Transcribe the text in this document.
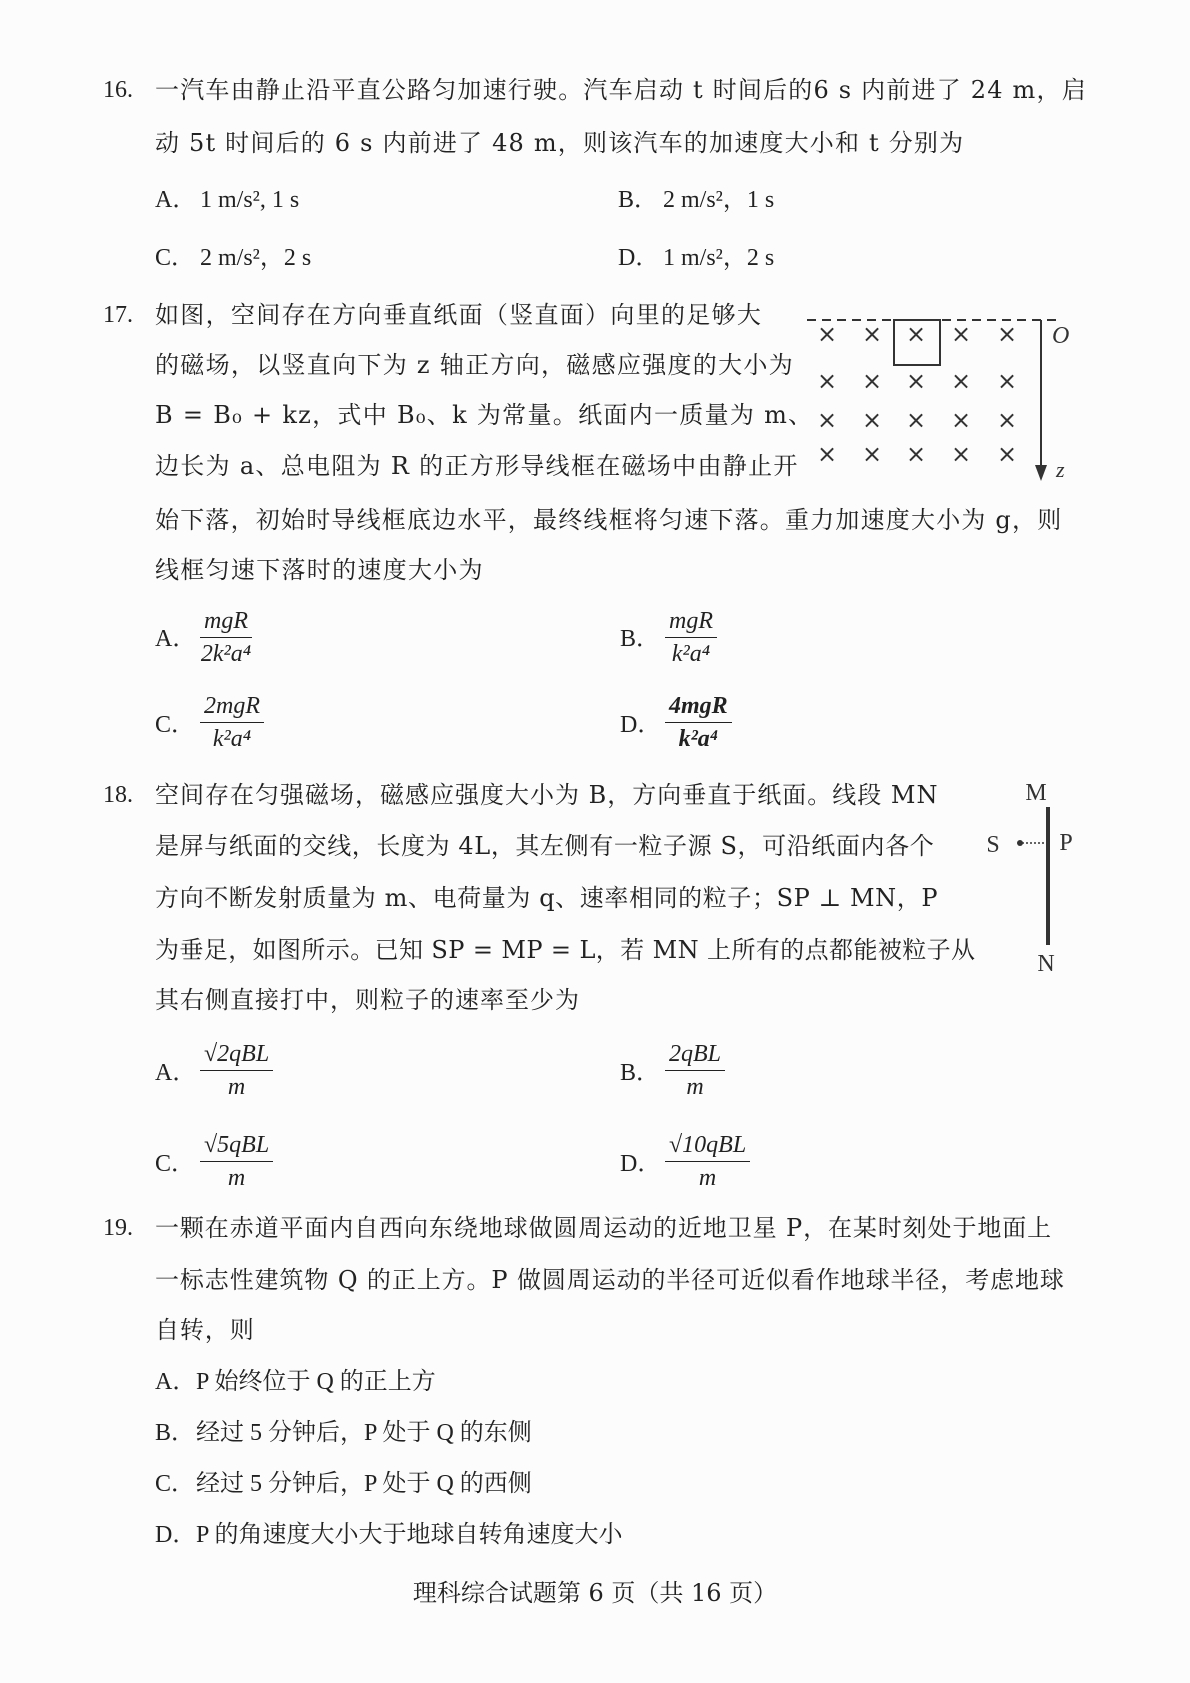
16. 一汽车由静止沿平直公路匀加速行驶。汽车启动 t 时间后的6 s 内前进了 24 m，启
动 5t 时间后的 6 s 内前进了 48 m，则该汽车的加速度大小和 t 分别为
A． 1 m/s², 1 s	B． 2 m/s²，1 s
C． 2 m/s²，2 s	D． 1 m/s²，2 s
17. 如图，空间存在方向垂直纸面（竖直面）向里的足够大
的磁场，以竖直向下为 z 轴正方向，磁感应强度的大小为
B = B₀ + kz，式中 B₀、k 为常量。纸面内一质量为 m、
边长为 a、总电阻为 R 的正方形导线框在磁场中由静止开
始下落，初始时导线框底边水平，最终线框将匀速下落。重力加速度大小为 g，则
线框匀速下落时的速度大小为
× × × × ×
× × × × ×
× × × × ×
× × × × ×
O
z
A．
mgR
2k²a⁴
B．
mgR
k²a⁴
C．
2mgR
k²a⁴
D．
4mgR
k²a⁴
18. 空间存在匀强磁场，磁感应强度大小为 B，方向垂直于纸面。线段 MN
是屏与纸面的交线，长度为 4L，其左侧有一粒子源 S，可沿纸面内各个
方向不断发射质量为 m、电荷量为 q、速率相同的粒子；SP ⊥ MN，P
为垂足，如图所示。已知 SP = MP = L，若 MN 上所有的点都能被粒子从
其右侧直接打中，则粒子的速率至少为
M
S P
N
A．
√2qBL
m
B．
2qBL
m
C．
√5qBL
m
D．
√10qBL
m
19. 一颗在赤道平面内自西向东绕地球做圆周运动的近地卫星 P，在某时刻处于地面上
一标志性建筑物 Q 的正上方。P 做圆周运动的半径可近似看作地球半径，考虑地球
自转，则
A． P 始终位于 Q 的正上方
B． 经过 5 分钟后，P 处于 Q 的东侧
C． 经过 5 分钟后，P 处于 Q 的西侧
D． P 的角速度大小大于地球自转角速度大小
理科综合试题第 6 页（共 16 页）
